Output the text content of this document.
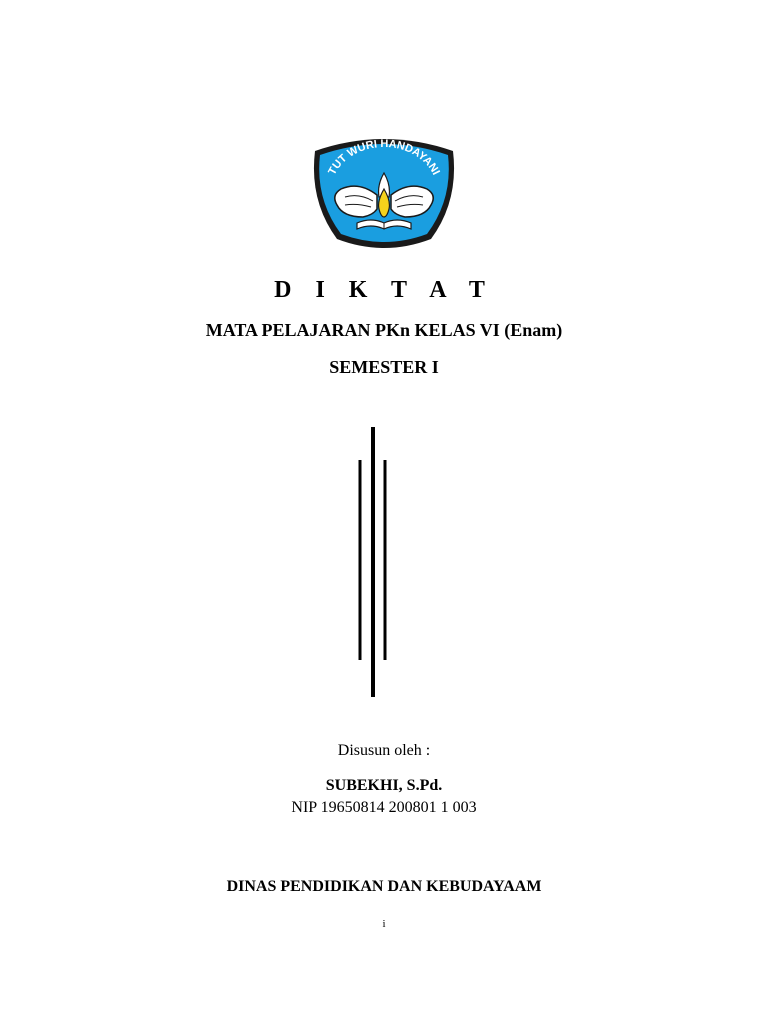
TUT WURI HANDAYANI
D I K T A T
MATA PELAJARAN PKn KELAS VI (Enam)
SEMESTER I
Disusun oleh :
SUBEKHI, S.Pd.
NIP 19650814 200801 1 003
DINAS PENDIDIKAN DAN KEBUDAYAAM
i
